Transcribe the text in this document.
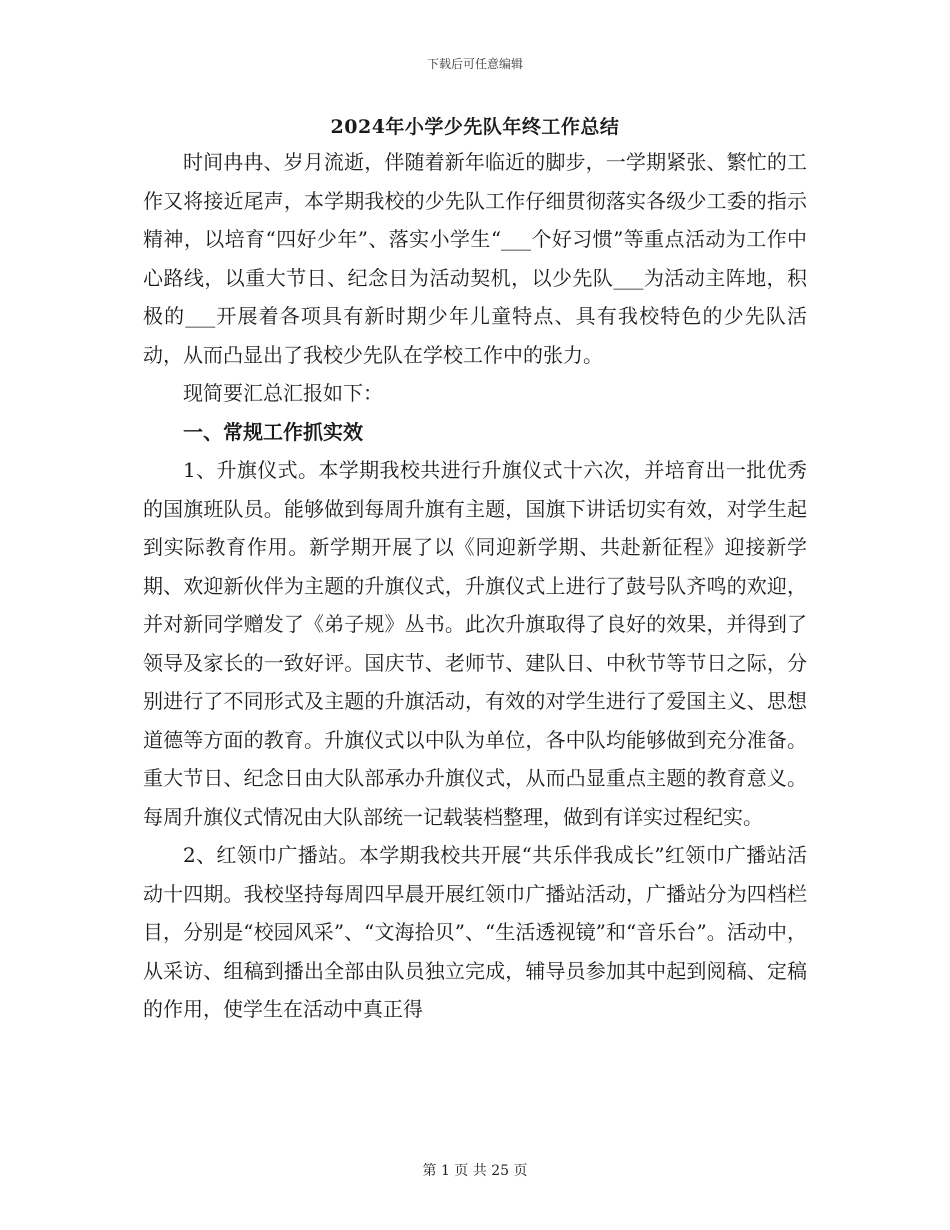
下载后可任意编辑
2024年小学少先队年终工作总结

时间冉冉、岁月流逝，伴随着新年临近的脚步，一学期紧张、繁忙的工作又将接近尾声，本学期我校的少先队工作仔细贯彻落实各级少工委的指示精神，以培育“四好少年”、落实小学生“___个好习惯”等重点活动为工作中心路线，以重大节日、纪念日为活动契机，以少先队___为活动主阵地，积极的___开展着各项具有新时期少年儿童特点、具有我校特色的少先队活动，从而凸显出了我校少先队在学校工作中的张力。

现简要汇总汇报如下：

一、常规工作抓实效

1、升旗仪式。本学期我校共进行升旗仪式十六次，并培育出一批优秀的国旗班队员。能够做到每周升旗有主题，国旗下讲话切实有效，对学生起到实际教育作用。新学期开展了以《同迎新学期、共赴新征程》迎接新学期、欢迎新伙伴为主题的升旗仪式，升旗仪式上进行了鼓号队齐鸣的欢迎，并对新同学赠发了《弟子规》丛书。此次升旗取得了良好的效果，并得到了领导及家长的一致好评。国庆节、老师节、建队日、中秋节等节日之际，分别进行了不同形式及主题的升旗活动，有效的对学生进行了爱国主义、思想道德等方面的教育。升旗仪式以中队为单位，各中队均能够做到充分准备。重大节日、纪念日由大队部承办升旗仪式，从而凸显重点主题的教育意义。每周升旗仪式情况由大队部统一记载装档整理，做到有详实过程纪实。

2、红领巾广播站。本学期我校共开展“共乐伴我成长”红领巾广播站活动十四期。我校坚持每周四早晨开展红领巾广播站活动，广播站分为四档栏目，分别是“校园风采”、“文海拾贝”、“生活透视镜”和“音乐台”。活动中，从采访、组稿到播出全部由队员独立完成，辅导员参加其中起到阅稿、定稿的作用，使学生在活动中真正得

第 1 页 共 25 页
